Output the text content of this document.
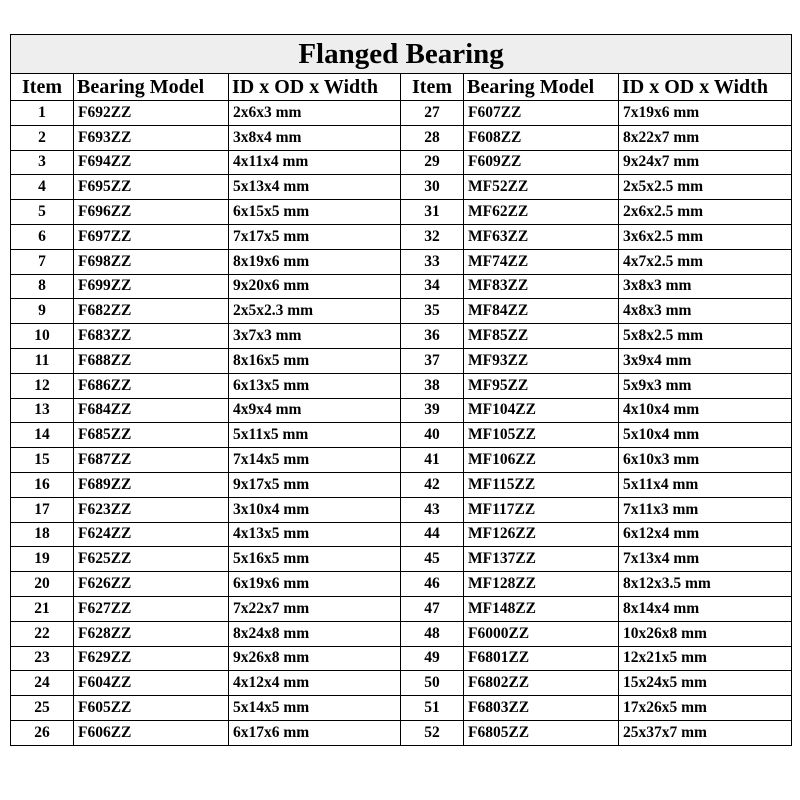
Flanged Bearing					
Item	Bearing Model	ID x OD x Width	Item	Bearing Model	ID x OD x Width
1	F692ZZ	2x6x3 mm	27	F607ZZ	7x19x6 mm
2	F693ZZ	3x8x4 mm	28	F608ZZ	8x22x7 mm
3	F694ZZ	4x11x4 mm	29	F609ZZ	9x24x7 mm
4	F695ZZ	5x13x4 mm	30	MF52ZZ	2x5x2.5 mm
5	F696ZZ	6x15x5 mm	31	MF62ZZ	2x6x2.5 mm
6	F697ZZ	7x17x5 mm	32	MF63ZZ	3x6x2.5 mm
7	F698ZZ	8x19x6 mm	33	MF74ZZ	4x7x2.5 mm
8	F699ZZ	9x20x6 mm	34	MF83ZZ	3x8x3 mm
9	F682ZZ	2x5x2.3 mm	35	MF84ZZ	4x8x3 mm
10	F683ZZ	3x7x3 mm	36	MF85ZZ	5x8x2.5 mm
11	F688ZZ	8x16x5 mm	37	MF93ZZ	3x9x4 mm
12	F686ZZ	6x13x5 mm	38	MF95ZZ	5x9x3 mm
13	F684ZZ	4x9x4 mm	39	MF104ZZ	4x10x4 mm
14	F685ZZ	5x11x5 mm	40	MF105ZZ	5x10x4 mm
15	F687ZZ	7x14x5 mm	41	MF106ZZ	6x10x3 mm
16	F689ZZ	9x17x5 mm	42	MF115ZZ	5x11x4 mm
17	F623ZZ	3x10x4 mm	43	MF117ZZ	7x11x3 mm
18	F624ZZ	4x13x5 mm	44	MF126ZZ	6x12x4 mm
19	F625ZZ	5x16x5 mm	45	MF137ZZ	7x13x4 mm
20	F626ZZ	6x19x6 mm	46	MF128ZZ	8x12x3.5 mm
21	F627ZZ	7x22x7 mm	47	MF148ZZ	8x14x4 mm
22	F628ZZ	8x24x8 mm	48	F6000ZZ	10x26x8 mm
23	F629ZZ	9x26x8 mm	49	F6801ZZ	12x21x5 mm
24	F604ZZ	4x12x4 mm	50	F6802ZZ	15x24x5 mm
25	F605ZZ	5x14x5 mm	51	F6803ZZ	17x26x5 mm
26	F606ZZ	6x17x6 mm	52	F6805ZZ	25x37x7 mm
